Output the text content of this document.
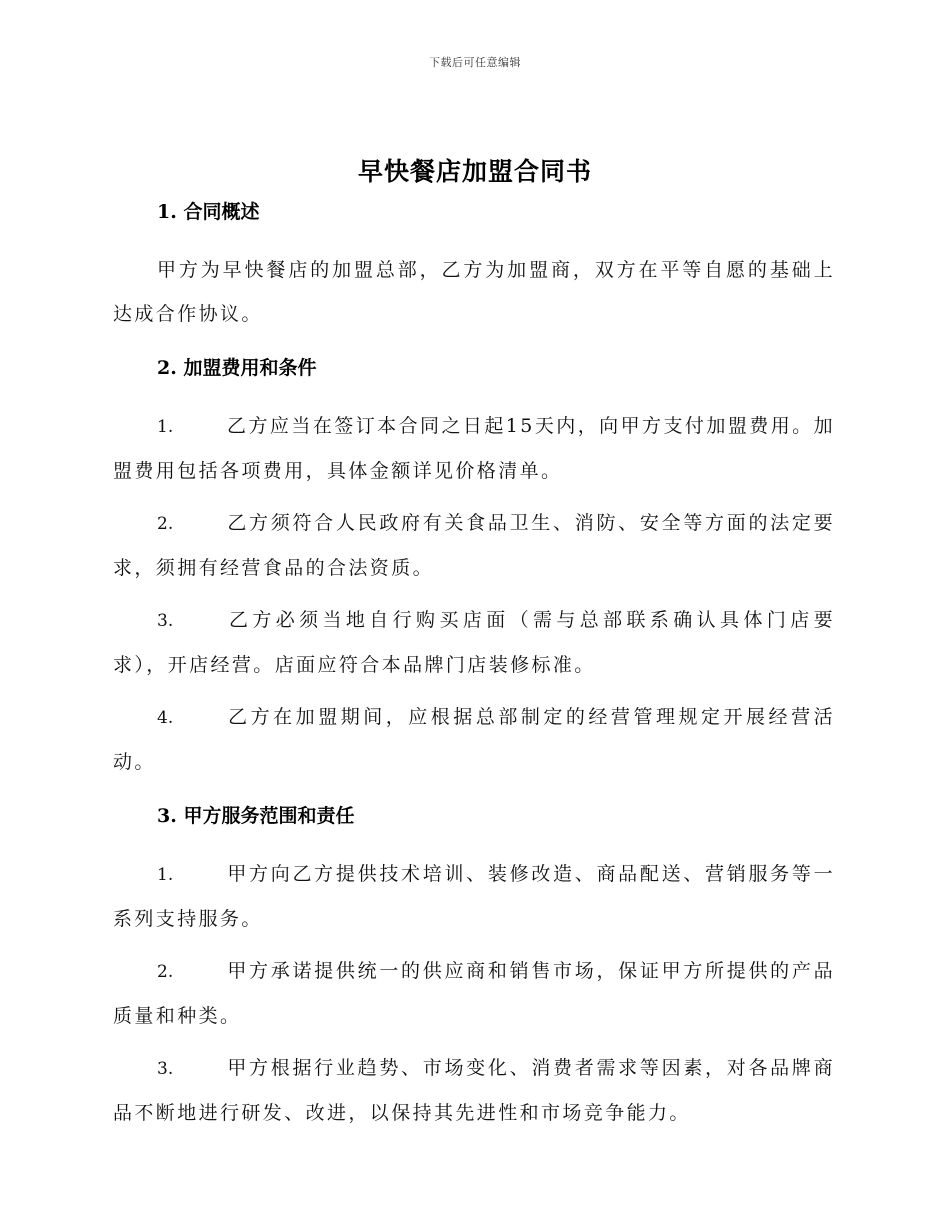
下载后可任意编辑
早快餐店加盟合同书
1. 合同概述

甲方为早快餐店的加盟总部，乙方为加盟商，双方在平等自愿的基础上达成合作协议。

2. 加盟费用和条件

1.	乙方应当在签订本合同之日起15天内，向甲方支付加盟费用。加盟费用包括各项费用，具体金额详见价格清单。

2.	乙方须符合人民政府有关食品卫生、消防、安全等方面的法定要求，须拥有经营食品的合法资质。

3.	乙方必须当地自行购买店面（需与总部联系确认具体门店要求），开店经营。店面应符合本品牌门店装修标准。

4.	乙方在加盟期间，应根据总部制定的经营管理规定开展经营活动。

3. 甲方服务范围和责任

1.	甲方向乙方提供技术培训、装修改造、商品配送、营销服务等一系列支持服务。

2.	甲方承诺提供统一的供应商和销售市场，保证甲方所提供的产品质量和种类。

3.	甲方根据行业趋势、市场变化、消费者需求等因素，对各品牌商品不断地进行研发、改进，以保持其先进性和市场竞争能力。
